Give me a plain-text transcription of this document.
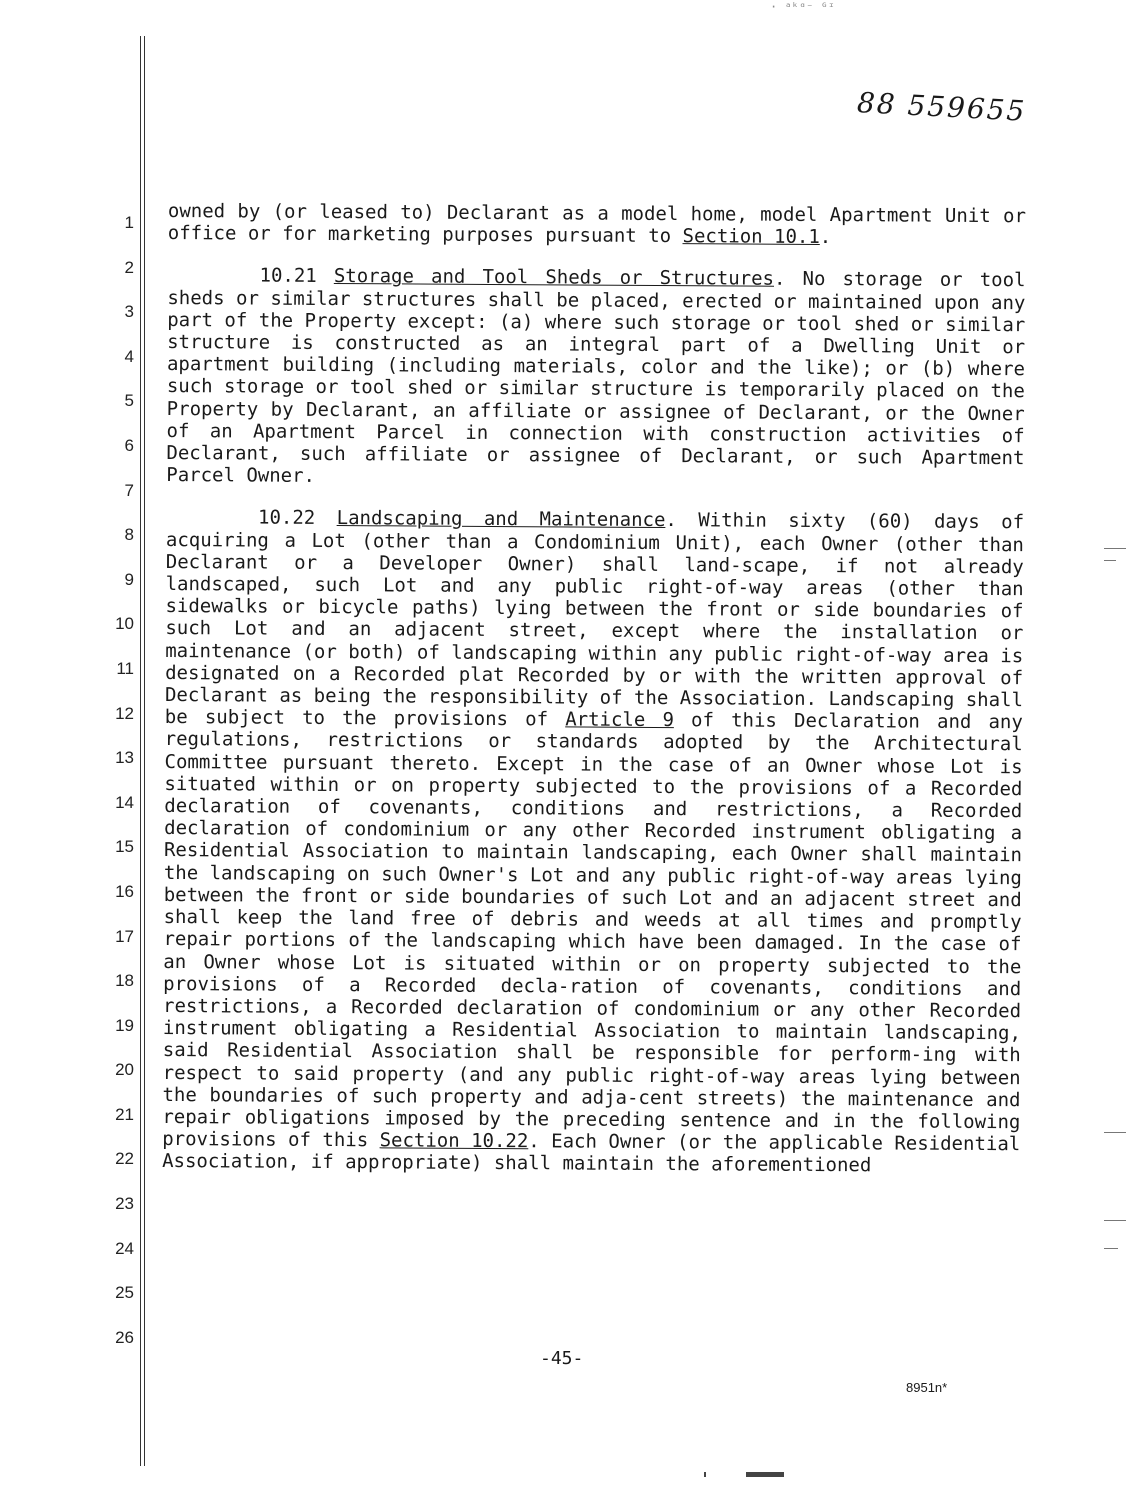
· ᵃᵏᵅ⁻ ᴳᶦ
88 559655
1
2
3
4
5
6
7
8
9
10
11
12
13
14
15
16
17
18
19
20
21
22
23
24
25
26

owned by (or leased to) Declarant as a model home, model Apartment Unit or office or for marketing purposes pursuant to Section 10.1.

10.21 Storage and Tool Sheds or Structures. No storage or tool sheds or similar structures shall be placed, erected or maintained upon any part of the Property except: (a) where such storage or tool shed or similar structure is constructed as an integral part of a Dwelling Unit or apartment building (including materials, color and the like); or (b) where such storage or tool shed or similar structure is temporarily placed on the Property by Declarant, an affiliate or assignee of Declarant, or the Owner of an Apartment Parcel in connection with construction activities of Declarant, such affiliate or assignee of Declarant, or such Apartment Parcel Owner.

10.22 Landscaping and Maintenance. Within sixty (60) days of acquiring a Lot (other than a Condominium Unit), each Owner (other than Declarant or a Developer Owner) shall land-scape, if not already landscaped, such Lot and any public right-of-way areas (other than sidewalks or bicycle paths) lying between the front or side boundaries of such Lot and an adjacent street, except where the installation or maintenance (or both) of landscaping within any public right-of-way area is designated on a Recorded plat Recorded by or with the written approval of Declarant as being the responsibility of the Association. Landscaping shall be subject to the provisions of Article 9 of this Declaration and any regulations, restrictions or standards adopted by the Architectural Committee pursuant thereto. Except in the case of an Owner whose Lot is situated within or on property subjected to the provisions of a Recorded declaration of covenants, conditions and restrictions, a Recorded declaration of condominium or any other Recorded instrument obligating a Residential Association to maintain landscaping, each Owner shall maintain the landscaping on such Owner's Lot and any public right-of-way areas lying between the front or side boundaries of such Lot and an adjacent street and shall keep the land free of debris and weeds at all times and promptly repair portions of the landscaping which have been damaged. In the case of an Owner whose Lot is situated within or on property subjected to the provisions of a Recorded decla-ration of covenants, conditions and restrictions, a Recorded declaration of condominium or any other Recorded instrument obligating a Residential Association to maintain landscaping, said Residential Association shall be responsible for perform-ing with respect to said property (and any public right-of-way areas lying between the boundaries of such property and adja-cent streets) the maintenance and repair obligations imposed by the preceding sentence and in the following provisions of this Section 10.22. Each Owner (or the applicable Residential Association, if appropriate) shall maintain the aforementioned

-45-
8951n*
